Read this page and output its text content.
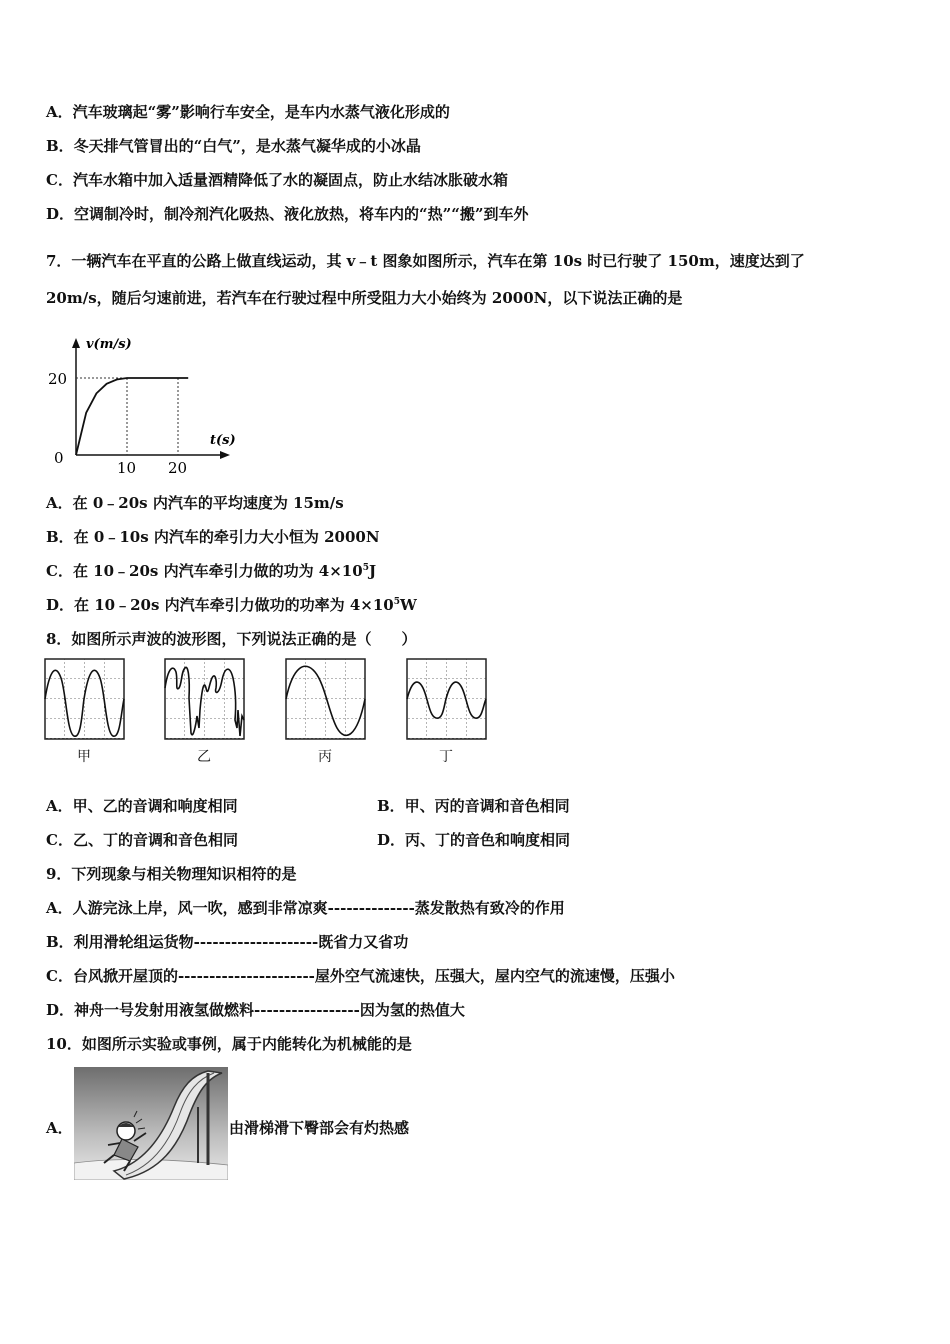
A．汽车玻璃起“雾”影响行车安全，是车内水蒸气液化形成的
B．冬天排气管冒出的“白气”，是水蒸气凝华成的小冰晶
C．汽车水箱中加入适量酒精降低了水的凝固点，防止水结冰胀破水箱
D．空调制冷时，制冷剂汽化吸热、液化放热，将车内的“热”“搬”到车外
7．一辆汽车在平直的公路上做直线运动，其 v﹣t 图象如图所示，汽车在第 10s 时已行驶了 150m，速度达到了
20m/s，随后匀速前进，若汽车在行驶过程中所受阻力大小始终为 2000N，以下说法正确的是
v(m/s)
20
0
10 20
t(s)
A．在 0﹣20s 内汽车的平均速度为 15m/s
B．在 0﹣10s 内汽车的牵引力大小恒为 2000N
C．在 10﹣20s 内汽车牵引力做的功为 $4\times 10^5J$
D．在 10﹣20s 内汽车牵引力做功的功率为 $4\times 10^5W$
8．如图所示声波的波形图，下列说法正确的是（　　）
甲	乙	丙	丁
A．甲、乙的音调和响度相同	B．甲、丙的音调和音色相同
C．乙、丁的音调和音色相同	D．丙、丁的音色和响度相同
9．下列现象与相关物理知识相符的是
A．人游完泳上岸，风一吹，感到非常凉爽--------------蒸发散热有致冷的作用
B．利用滑轮组运货物--------------------既省力又省功
C．台风掀开屋顶的----------------------屋外空气流速快，压强大，屋内空气的流速慢，压强小
D．神舟一号发射用液氢做燃料-----------------因为氢的热值大
10．如图所示实验或事例，属于内能转化为机械能的是
A．	由滑梯滑下臀部会有灼热感
